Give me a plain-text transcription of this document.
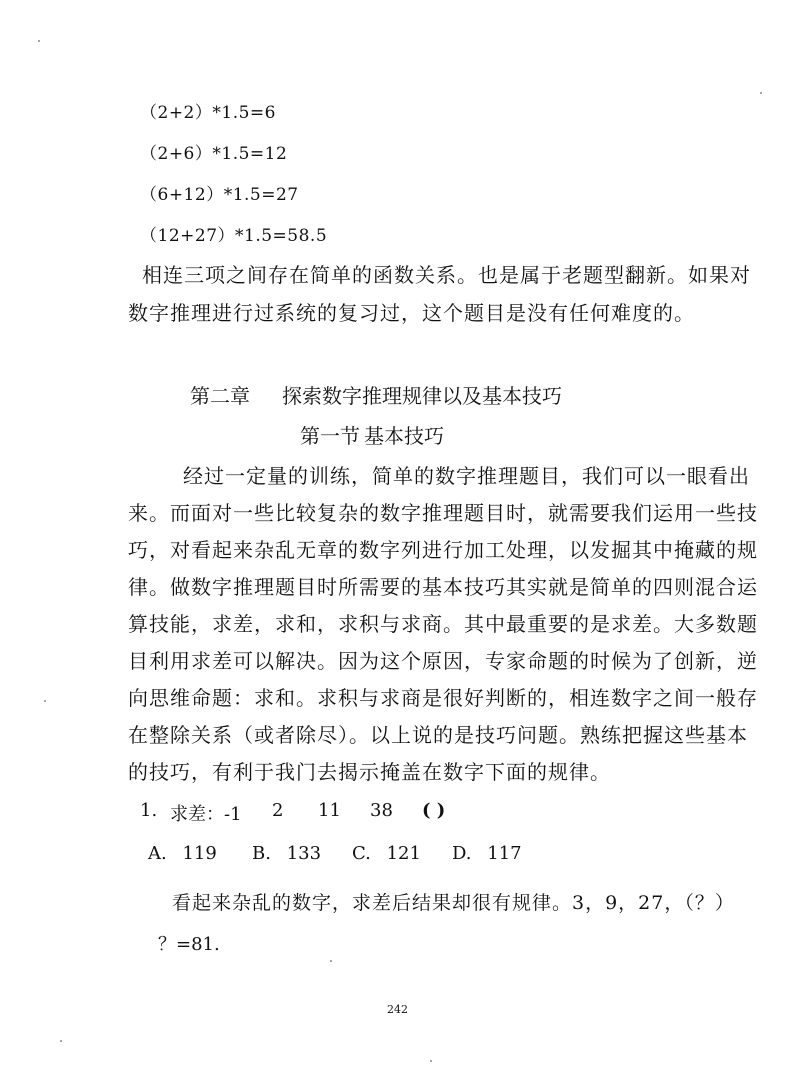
（2+2）*1.5=6
（2+6）*1.5=12
（6+12）*1.5=27
（12+27）*1.5=58.5
相连三项之间存在简单的函数关系。也是属于老题型翻新。如果对
数字推理进行过系统的复习过，这个题目是没有任何难度的。
第二章 探索数字推理规律以及基本技巧
第一节 基本技巧
经过一定量的训练，简单的数字推理题目，我们可以一眼看出
来。而面对一些比较复杂的数字推理题目时，就需要我们运用一些技
巧，对看起来杂乱无章的数字列进行加工处理，以发掘其中掩藏的规
律。做数字推理题目时所需要的基本技巧其实就是简单的四则混合运
算技能，求差，求和，求积与求商。其中最重要的是求差。大多数题
目利用求差可以解决。因为这个原因，专家命题的时候为了创新，逆
向思维命题：求和。求积与求商是很好判断的，相连数字之间一般存
在整除关系（或者除尽）。以上说的是技巧问题。熟练把握这些基本
的技巧，有利于我门去揭示掩盖在数字下面的规律。
1. 求差：-1 2 11 38 ( )
A. 119 B. 133 C. 121 D. 117
看起来杂乱的数字，求差后结果却很有规律。3，9，27，（？）
？=81.
242
